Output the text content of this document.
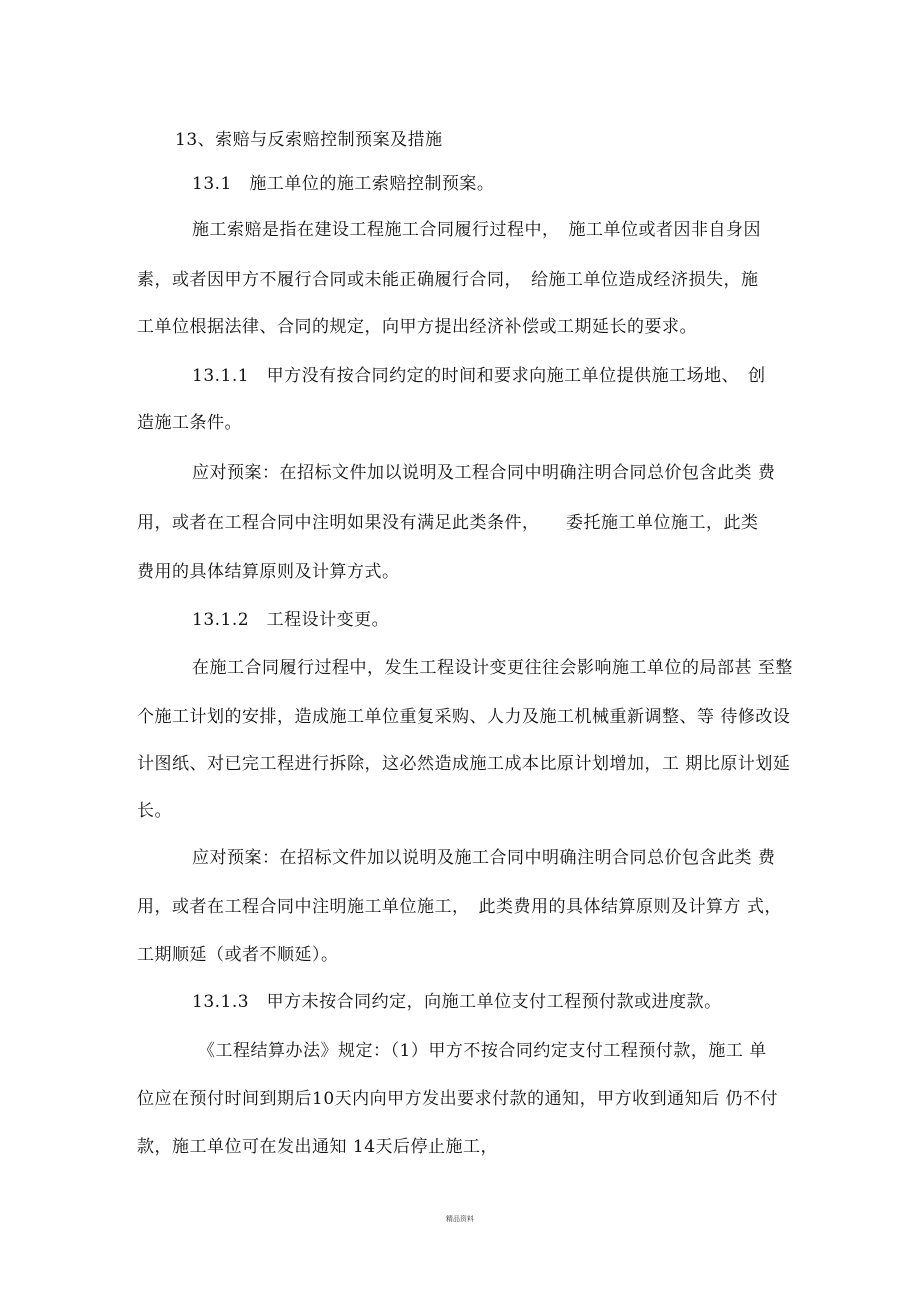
13、索赔与反索赔控制预案及措施
13.1　施工单位的施工索赔控制预案。
施工索赔是指在建设工程施工合同履行过程中，　施工单位或者因非自身因
素，或者因甲方不履行合同或未能正确履行合同，　给施工单位造成经济损失，施
工单位根据法律、合同的规定，向甲方提出经济补偿或工期延长的要求。
13.1.1　甲方没有按合同约定的时间和要求向施工单位提供施工场地、　创
造施工条件。
应对预案：在招标文件加以说明及工程合同中明确注明合同总价包含此类 费
用，或者在工程合同中注明如果没有满足此类条件，　　委托施工单位施工，此类
费用的具体结算原则及计算方式。
13.1.2　工程设计变更。
在施工合同履行过程中，发生工程设计变更往往会影响施工单位的局部甚 至整
个施工计划的安排，造成施工单位重复采购、人力及施工机械重新调整、等 待修改设
计图纸、对已完工程进行拆除，这必然造成施工成本比原计划增加，工 期比原计划延
长。
应对预案：在招标文件加以说明及施工合同中明确注明合同总价包含此类 费
用，或者在工程合同中注明施工单位施工，　此类费用的具体结算原则及计算方 式，
工期顺延（或者不顺延）。
13.1.3　甲方未按合同约定，向施工单位支付工程预付款或进度款。
《工程结算办法》规定：（1）甲方不按合同约定支付工程预付款，施工 单
位应在预付时间到期后10天内向甲方发出要求付款的通知，甲方收到通知后 仍不付
款，施工单位可在发出通知 14天后停止施工，
精品资料
